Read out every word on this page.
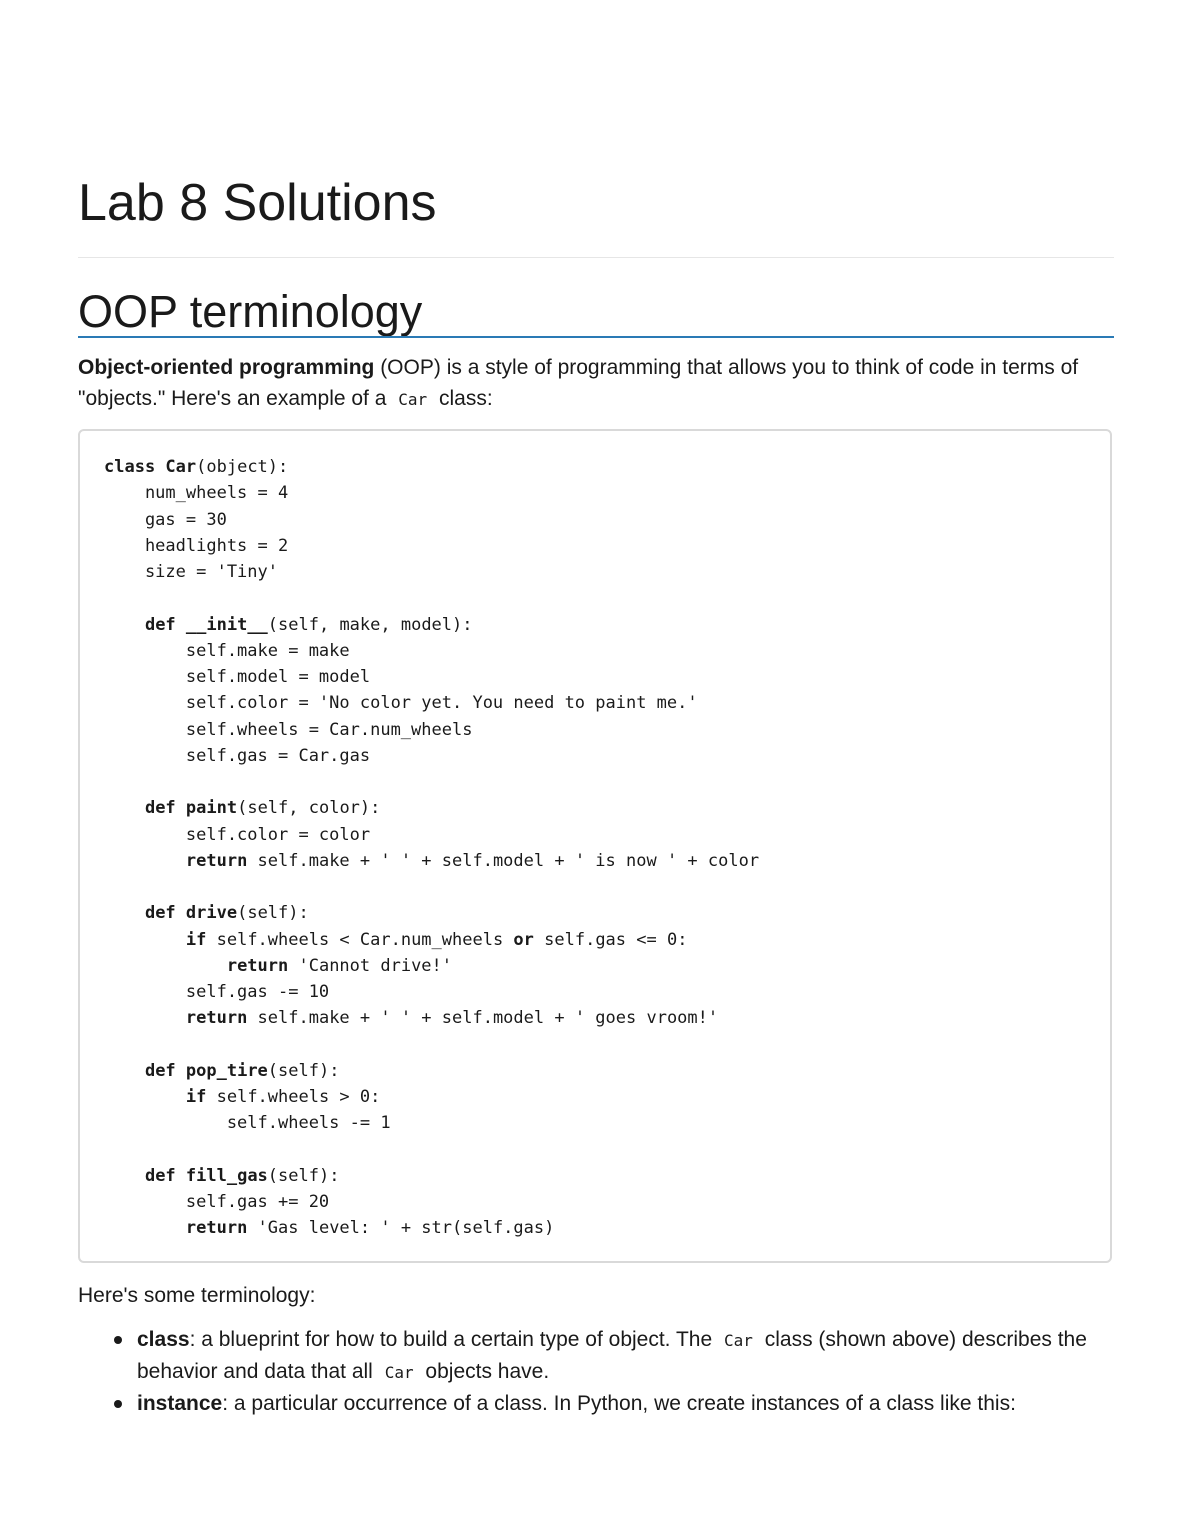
Lab 8 Solutions
OOP terminology

Object-oriented programming (OOP) is a style of programming that allows you to think of code in terms of "objects." Here's an example of a Car class:

class Car(object):
num_wheels = 4
gas = 30
headlights = 2
size = 'Tiny'
def __init__(self, make, model):
self.make = make
self.model = model
self.color = 'No color yet. You need to paint me.'
self.wheels = Car.num_wheels
self.gas = Car.gas
def paint(self, color):
self.color = color
return self.make + ' ' + self.model + ' is now ' + color
def drive(self):
if self.wheels < Car.num_wheels or self.gas <= 0:
return 'Cannot drive!'
self.gas -= 10
return self.make + ' ' + self.model + ' goes vroom!'
def pop_tire(self):
if self.wheels > 0:
self.wheels -= 1
def fill_gas(self):
self.gas += 20
return 'Gas level: ' + str(self.gas)

Here's some terminology:

class: a blueprint for how to build a certain type of object. The Car class (shown above) describes the behavior and data that all Car objects have.
instance: a particular occurrence of a class. In Python, we create instances of a class like this:
